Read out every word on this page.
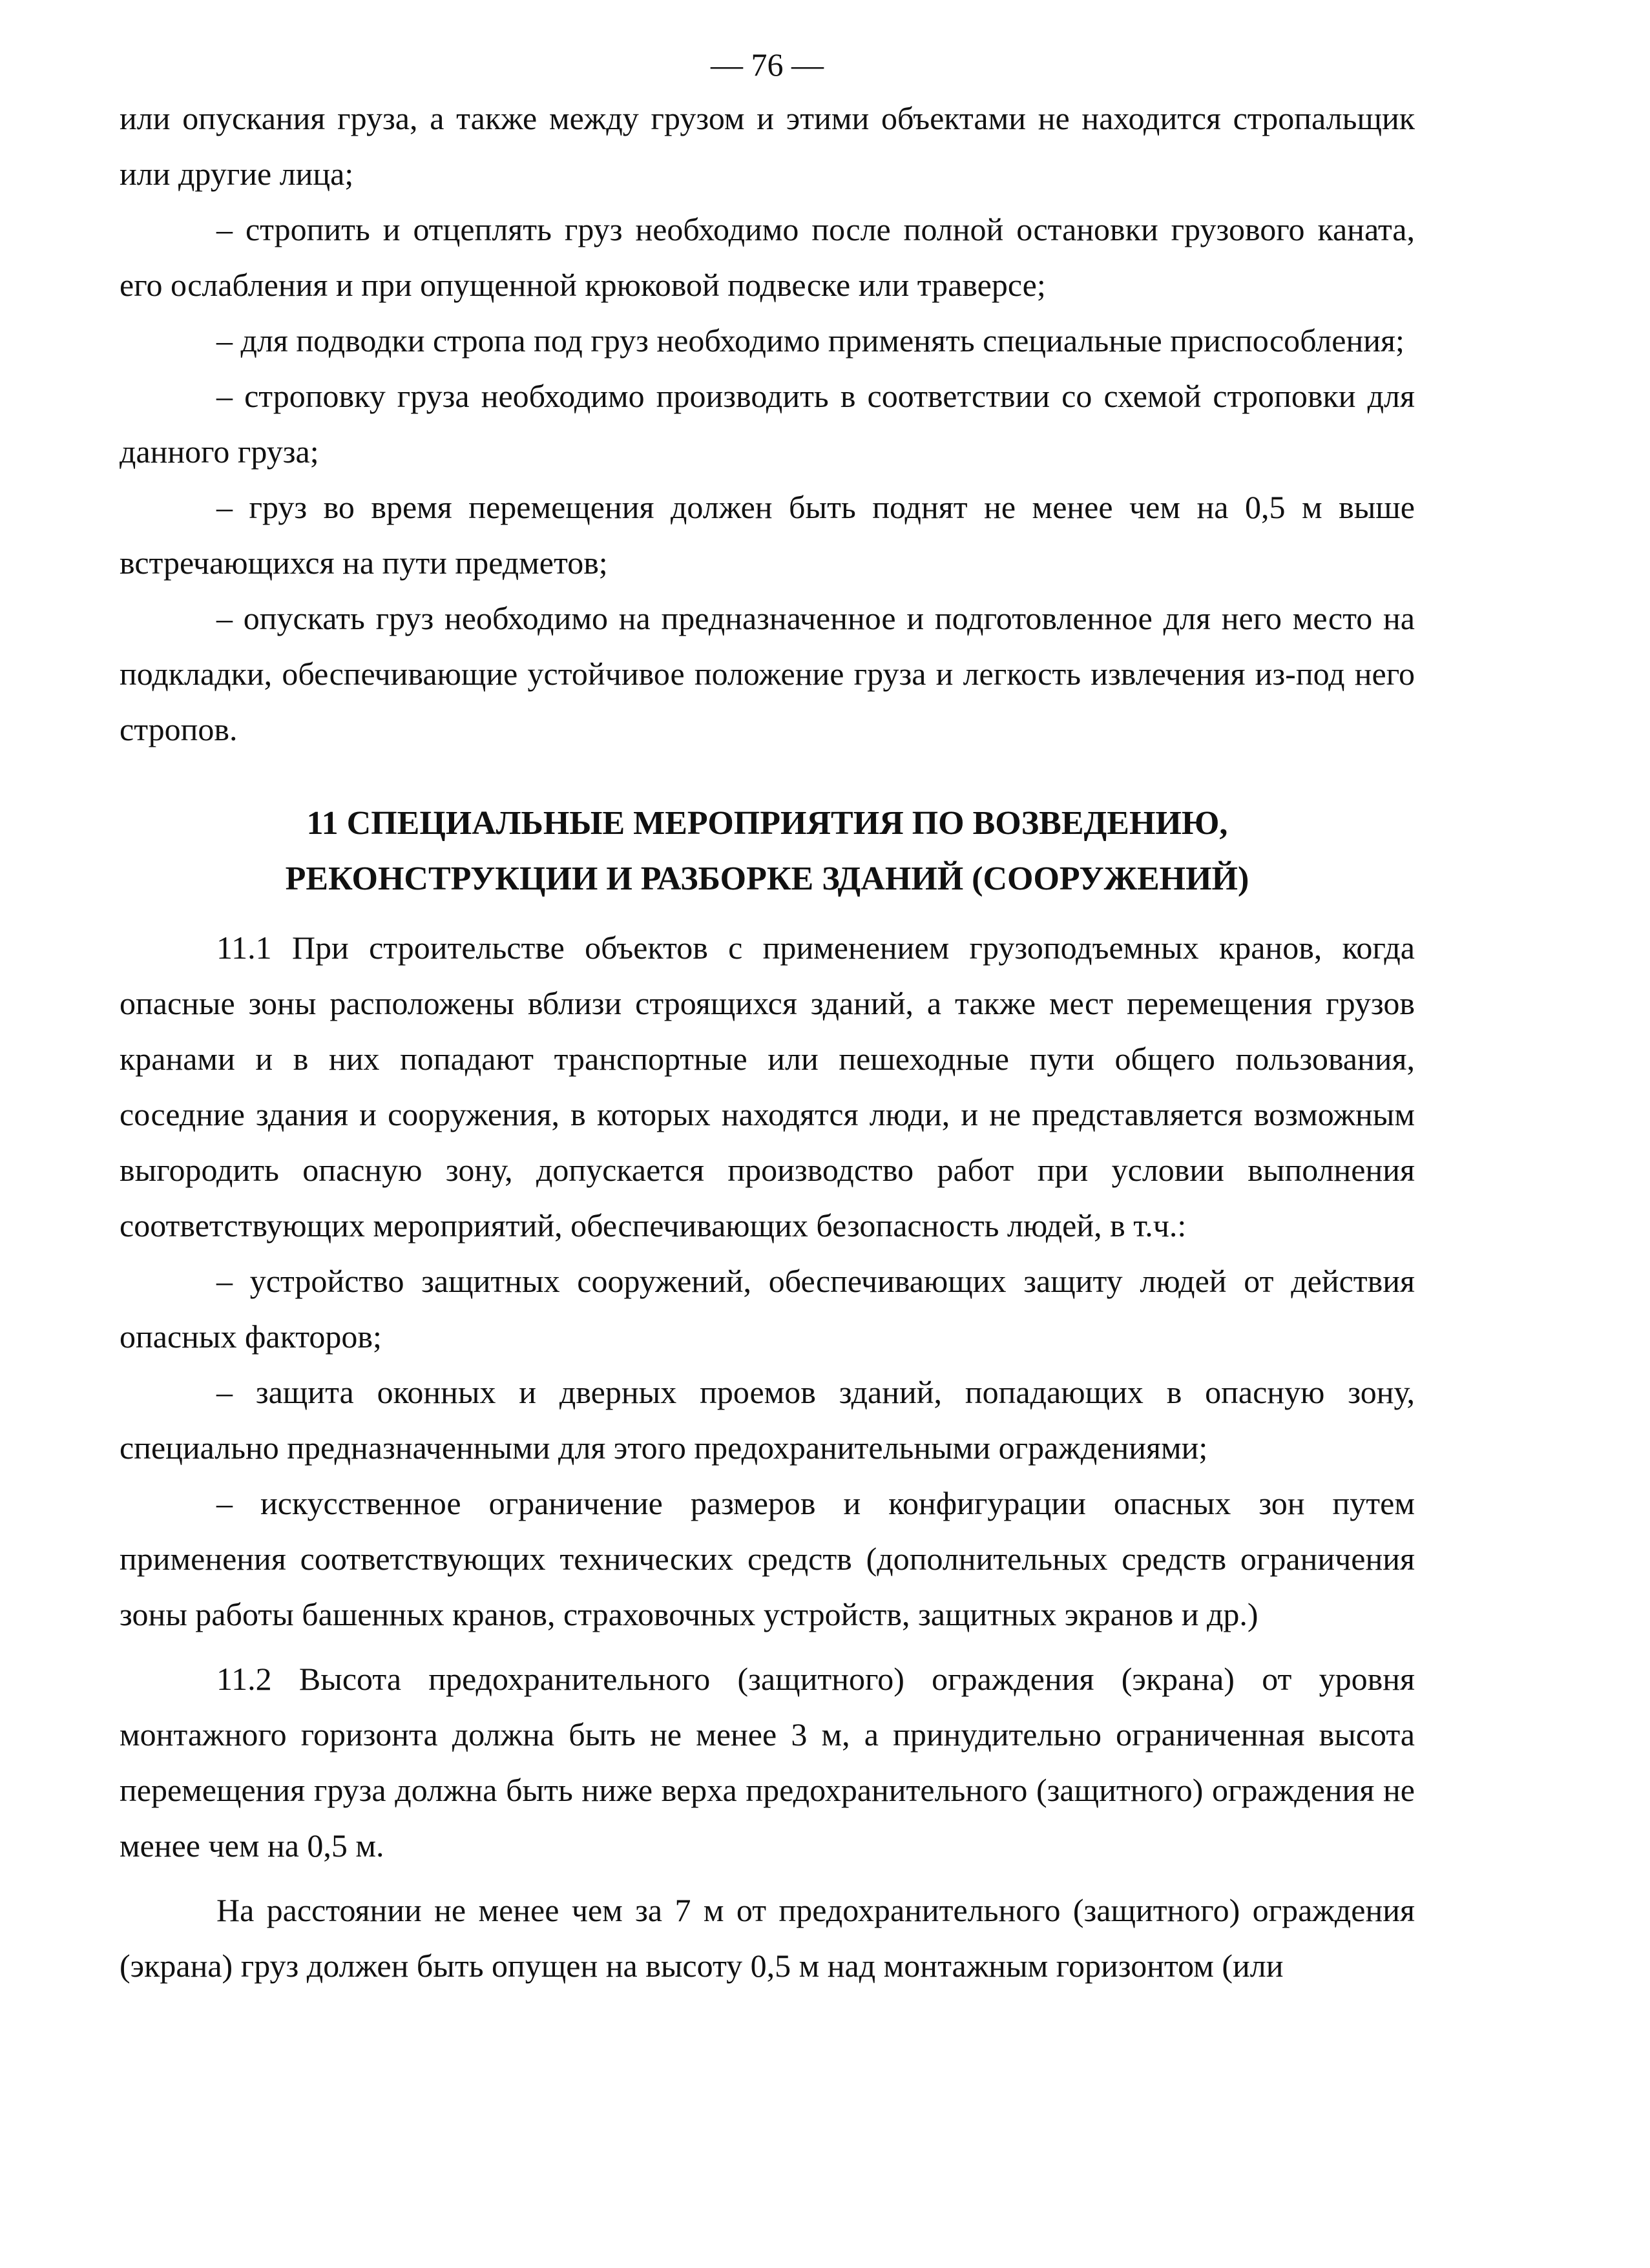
— 76 —

или опускания груза, а также между грузом и этими объектами не находится стропальщик или другие лица;

– стропить и отцеплять груз необходимо после полной остановки грузового каната, его ослабления и при опущенной крюковой подвеске или траверсе;

– для подводки стропа под груз необходимо применять специальные приспособления;

– строповку груза необходимо производить в соответствии со схемой строповки для данного груза;

– груз во время перемещения должен быть поднят не менее чем на 0,5 м выше встречающихся на пути предметов;

– опускать груз необходимо на предназначенное и подготовленное для него место на подкладки, обеспечивающие устойчивое положение груза и легкость извлечения из-под него стропов.

11 СПЕЦИАЛЬНЫЕ МЕРОПРИЯТИЯ ПО ВОЗВЕДЕНИЮ,
РЕКОНСТРУКЦИИ И РАЗБОРКЕ ЗДАНИЙ (СООРУЖЕНИЙ)

11.1 При строительстве объектов с применением грузоподъемных кранов, когда опасные зоны расположены вблизи строящихся зданий, а также мест перемещения грузов кранами и в них попадают транспортные или пешеходные пути общего пользования, соседние здания и сооружения, в которых находятся люди, и не представляется возможным выгородить опасную зону, допускается производство работ при условии выполнения соответствующих мероприятий, обеспечивающих безопасность людей, в т.ч.:

– устройство защитных сооружений, обеспечивающих защиту людей от действия опасных факторов;

– защита оконных и дверных проемов зданий, попадающих в опасную зону, специально предназначенными для этого предохранительными ограждениями;

– искусственное ограничение размеров и конфигурации опасных зон путем применения соответствующих технических средств (дополнительных средств ограничения зоны работы башенных кранов, страховочных устройств, защитных экранов и др.)

11.2 Высота предохранительного (защитного) ограждения (экрана) от уровня монтажного горизонта должна быть не менее 3 м, а принудительно ограниченная высота перемещения груза должна быть ниже верха предохранительного (защитного) ограждения не менее чем на 0,5 м.

На расстоянии не менее чем за 7 м от предохранительного (защитного) ограждения (экрана) груз должен быть опущен на высоту 0,5 м над монтажным горизонтом (или
